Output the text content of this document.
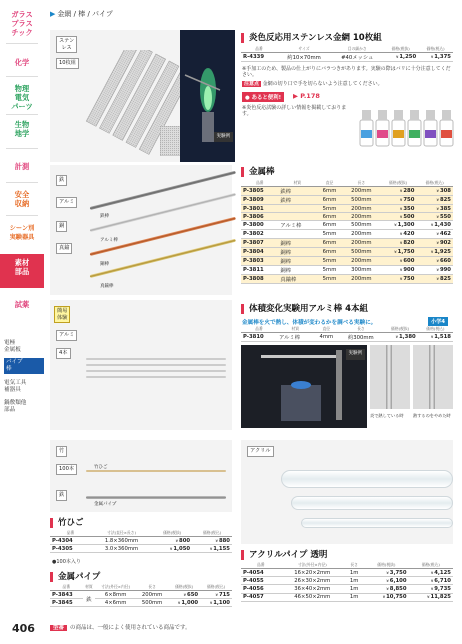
ガラス
プラス
チック
化学
物理
電気
パーツ
生物
地学
計測
安全
収納
シーン別
実験器具
素材
部品
試薬
電極
金属板
パイプ
棒
電気工具
補器具
鍋敷類他
部品
▶ 金網 / 棒 / パイプ
ステン
レス
10枚組
実験例
炎色反応用ステンレス金網 10枚組
品番	サイズ	目の細かさ	価格(税抜)	価格(税込)
R-4339	約10×70mm	#40メッシュ	¥1,250	¥1,375
※手加工のため、製品の仕上がりにバラつきがあります。実験の際はバリに十分注意してください。
注意点 金網の切り口で手を切らないよう注意してください。
● あると便利!	▶ P.178
※炎色反応試験の詳しい情報を掲載しております。
鉄
アルミ
銅
真鍮
鉄棒
アルミ棒
銅棒
真鍮棒
金属棒
品番	材質	直径	長さ	価格(税抜)	価格(税込)
P-3805	鉄棒	6mm	200mm	¥280	¥308
P-3809	鉄棒	6mm	500mm	¥750	¥825
P-3801		5mm	200mm	¥350	¥385
P-3806		6mm	200mm	¥500	¥550
P-3800	アルミ棒	6mm	500mm	¥1,300	¥1,430
P-3802		5mm	200mm	¥420	¥462
P-3807	銅棒	6mm	200mm	¥820	¥902
P-3804	銅棒	6mm	500mm	¥1,750	¥1,925
P-3803	銅棒	5mm	200mm	¥600	¥660
P-3811	銅棒	5mm	300mm	¥900	¥990
P-3808	真鍮棒	5mm	200mm	¥750	¥825
簡易
体験
アルミ
4本
体積変化実験用アルミ棒 4本組
金属棒を火で熱し、体積が変わるかを調べる実験に。	小学4
品番	材質	直径	長さ	価格(税抜)	価格(税込)
P-3810	アルミ棒	4mm	約300mm	¥1,380	¥1,518
実験例
炎で熱している時 熱するのをやめた時
竹
100本	竹ひご
鉄
金属パイプ
竹ひご
品番	寸法(直径×長さ)	価格(税抜)	価格(税込)
P-4304	1.8×360mm	¥800	¥880
P-4305	3.0×360mm	¥1,050	¥1,155
●100本入り
金属パイプ
品番	材質	寸法(外径×内径)	長さ	価格(税抜)	価格(税込)
P-3843	鉄	6×8mm	200mm	¥650	¥715
P-3845		4×6mm	500mm	¥1,000	¥1,100
アクリル
アクリルパイプ 透明
品番	寸法(外径×内径)	長さ	価格(税抜)	価格(税込)
P-4054	16×20×2mm	1m	¥3,750	¥4,125
P-4055	26×30×2mm	1m	¥6,100	¥6,710
P-4056	36×40×2mm	1m	¥8,850	¥9,735
P-4057	46×50×2mm	1m	¥10,750	¥11,825
406	型番 の商品は、一般によく使用されている商品です。
